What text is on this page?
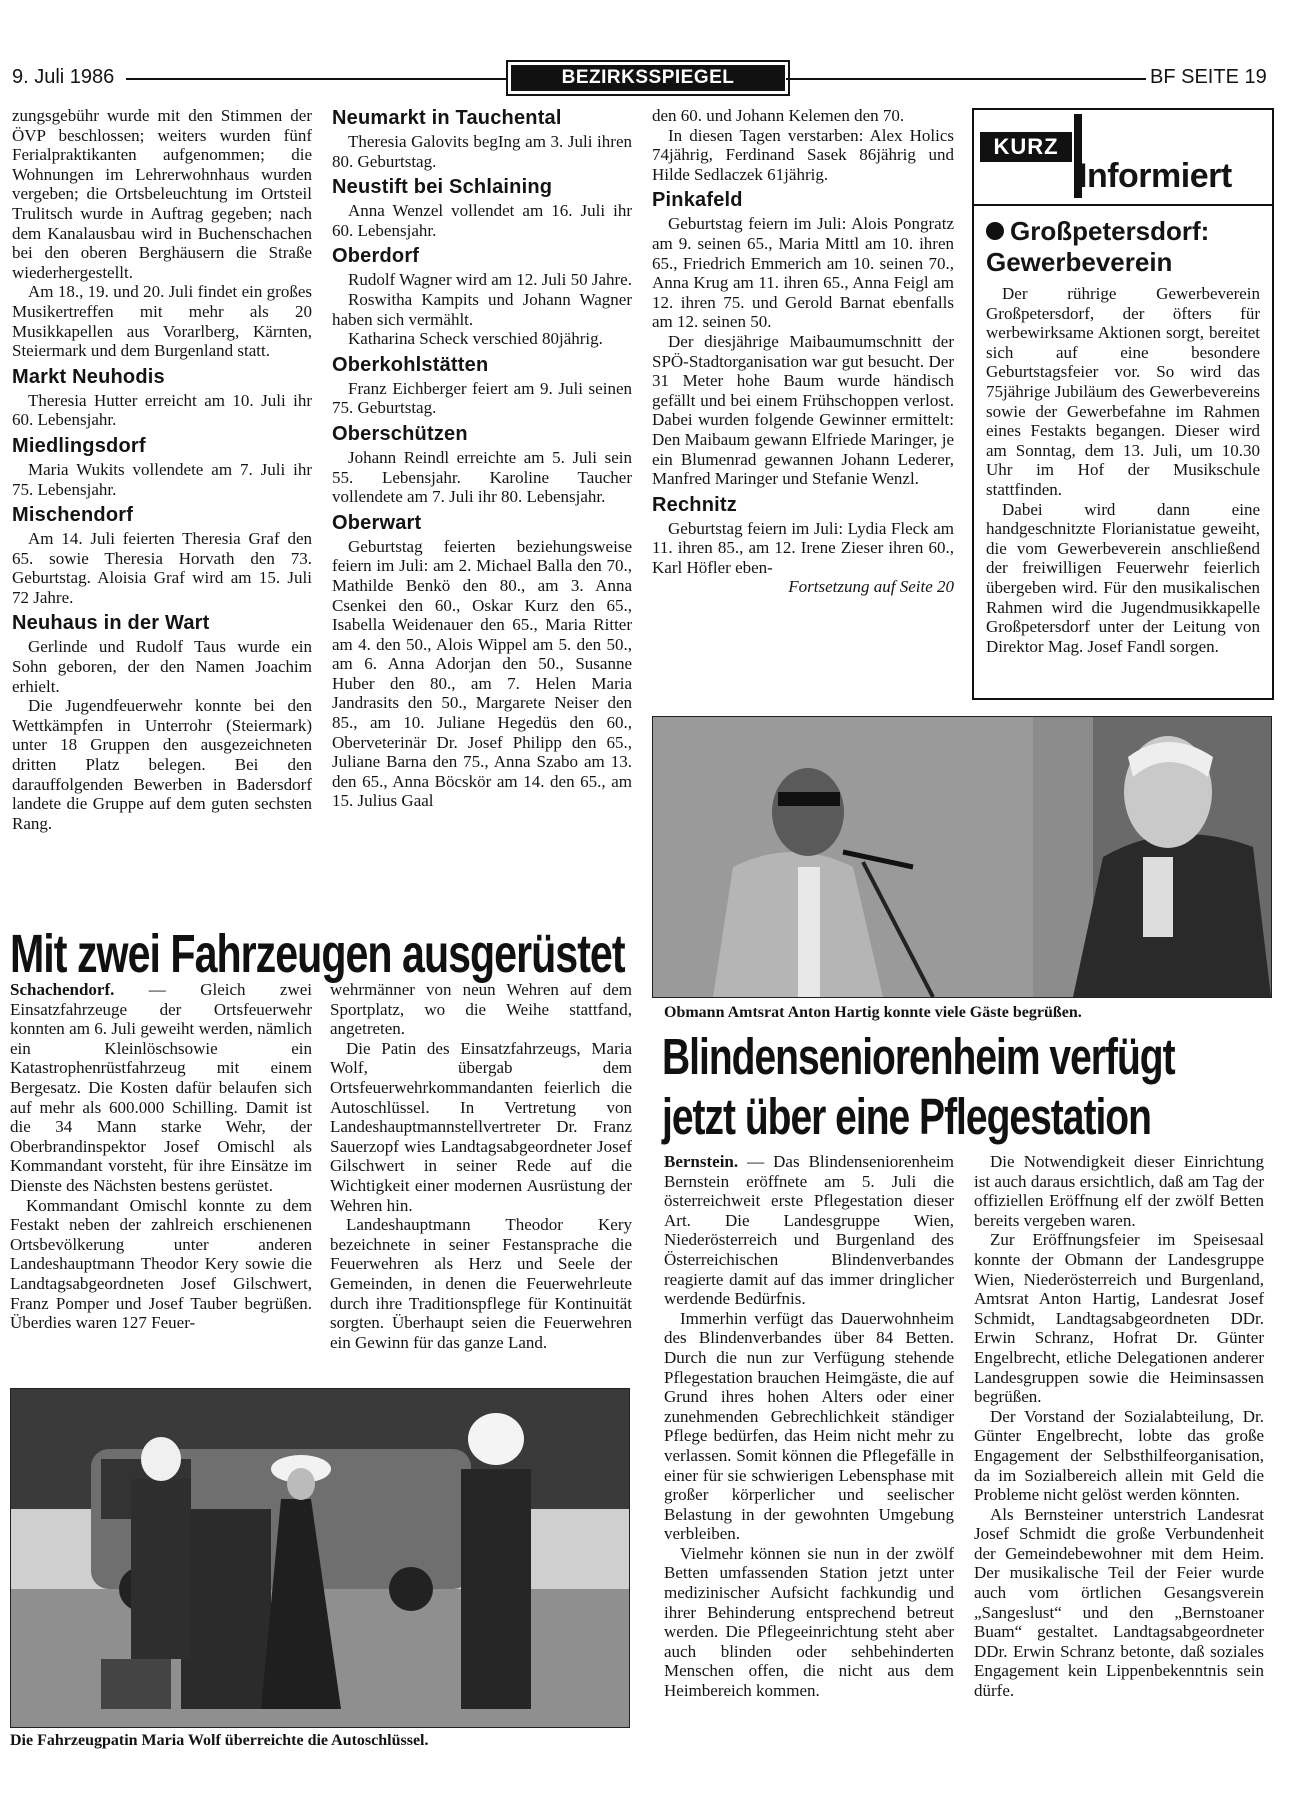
9. Juli 1986	BEZIRKSSPIEGEL	BF SEITE 19

zungsgebühr wurde mit den Stimmen der ÖVP beschlossen; weiters wurden fünf Ferialpraktikanten aufgenommen; die Wohnungen im Lehrerwohnhaus wurden vergeben; die Ortsbeleuchtung im Ortsteil Trulitsch wurde in Auftrag gegeben; nach dem Kanalausbau wird in Buchenschachen bei den oberen Berghäusern die Straße wiederhergestellt.

Am 18., 19. und 20. Juli findet ein großes Musikertreffen mit mehr als 20 Musikkapellen aus Vorarlberg, Kärnten, Steiermark und dem Burgenland statt.

Markt Neuhodis

Theresia Hutter erreicht am 10. Juli ihr 60. Lebensjahr.

Miedlingsdorf

Maria Wukits vollendete am 7. Juli ihr 75. Lebensjahr.

Mischendorf

Am 14. Juli feierten Theresia Graf den 65. sowie Theresia Horvath den 73. Geburtstag. Aloisia Graf wird am 15. Juli 72 Jahre.

Neuhaus in der Wart

Gerlinde und Rudolf Taus wurde ein Sohn geboren, der den Namen Joachim erhielt.

Die Jugendfeuerwehr konnte bei den Wettkämpfen in Unterrohr (Steiermark) unter 18 Gruppen den ausgezeichneten dritten Platz belegen. Bei den darauffolgenden Bewerben in Badersdorf landete die Gruppe auf dem guten sechsten Rang.

Neumarkt in Tauchental

Theresia Galovits begIng am 3. Juli ihren 80. Geburtstag.

Neustift bei Schlaining

Anna Wenzel vollendet am 16. Juli ihr 60. Lebensjahr.

Oberdorf

Rudolf Wagner wird am 12. Juli 50 Jahre.

Roswitha Kampits und Johann Wagner haben sich vermählt.

Katharina Scheck verschied 80jährig.

Oberkohlstätten

Franz Eichberger feiert am 9. Juli seinen 75. Geburtstag.

Oberschützen

Johann Reindl erreichte am 5. Juli sein 55. Lebensjahr. Karoline Taucher vollendete am 7. Juli ihr 80. Lebensjahr.

Oberwart

Geburtstag feierten beziehungsweise feiern im Juli: am 2. Michael Balla den 70., Mathilde Benkö den 80., am 3. Anna Csenkei den 60., Oskar Kurz den 65., Isabella Weidenauer den 65., Maria Ritter am 4. den 50., Alois Wippel am 5. den 50., am 6. Anna Adorjan den 50., Susanne Huber den 80., am 7. Helen Maria Jandrasits den 50., Margarete Neiser den 85., am 10. Juliane Hegedüs den 60., Oberveterinär Dr. Josef Philipp den 65., Juliane Barna den 75., Anna Szabo am 13. den 65., Anna Böcskör am 14. den 65., am 15. Julius Gaal

den 60. und Johann Kelemen den 70.

In diesen Tagen verstarben: Alex Holics 74jährig, Ferdinand Sasek 86jährig und Hilde Sedlaczek 61jährig.

Pinkafeld

Geburtstag feiern im Juli: Alois Pongratz am 9. seinen 65., Maria Mittl am 10. ihren 65., Friedrich Emmerich am 10. seinen 70., Anna Krug am 11. ihren 65., Anna Feigl am 12. ihren 75. und Gerold Barnat ebenfalls am 12. seinen 50.

Der diesjährige Maibaumumschnitt der SPÖ-Stadtorganisation war gut besucht. Der 31 Meter hohe Baum wurde händisch gefällt und bei einem Frühschoppen verlost. Dabei wurden folgende Gewinner ermittelt: Den Maibaum gewann Elfriede Maringer, je ein Blumenrad gewannen Johann Lederer, Manfred Maringer und Stefanie Wenzl.

Rechnitz

Geburtstag feiern im Juli: Lydia Fleck am 11. ihren 85., am 12. Irene Zieser ihren 60., Karl Höfler eben-

Fortsetzung auf Seite 20

KURZ
Informiert
Großpetersdorf:
Gewerbeverein

Der rührige Gewerbeverein Großpetersdorf, der öfters für werbewirksame Aktionen sorgt, bereitet sich auf eine besondere Geburtstagsfeier vor. So wird das 75jährige Jubiläum des Gewerbevereins sowie der Gewerbefahne im Rahmen eines Festakts begangen. Dieser wird am Sonntag, dem 13. Juli, um 10.30 Uhr im Hof der Musikschule stattfinden.

Dabei wird dann eine handgeschnitzte Florianistatue geweiht, die vom Gewerbeverein anschließend der freiwilligen Feuerwehr feierlich übergeben wird. Für den musikalischen Rahmen wird die Jugendmusikkapelle Großpetersdorf unter der Leitung von Direktor Mag. Josef Fandl sorgen.

Obmann Amtsrat Anton Hartig konnte viele Gäste begrüßen.
Mit zwei Fahrzeugen ausgerüstet

Schachendorf. — Gleich zwei Einsatzfahrzeuge der Ortsfeuerwehr konnten am 6. Juli geweiht werden, nämlich ein Kleinlöschsowie ein Katastrophenrüstfahrzeug mit einem Bergesatz. Die Kosten dafür belaufen sich auf mehr als 600.000 Schilling. Damit ist die 34 Mann starke Wehr, der Oberbrandinspektor Josef Omischl als Kommandant vorsteht, für ihre Einsätze im Dienste des Nächsten bestens gerüstet.

Kommandant Omischl konnte zu dem Festakt neben der zahlreich erschienenen Ortsbevölkerung unter anderen Landeshauptmann Theodor Kery sowie die Landtagsabgeordneten Josef Gilschwert, Franz Pomper und Josef Tauber begrüßen. Überdies waren 127 Feuer-

wehrmänner von neun Wehren auf dem Sportplatz, wo die Weihe stattfand, angetreten.

Die Patin des Einsatzfahrzeugs, Maria Wolf, übergab dem Ortsfeuerwehrkommandanten feierlich die Autoschlüssel. In Vertretung von Landeshauptmannstellvertreter Dr. Franz Sauerzopf wies Landtagsabgeordneter Josef Gilschwert in seiner Rede auf die Wichtigkeit einer modernen Ausrüstung der Wehren hin.

Landeshauptmann Theodor Kery bezeichnete in seiner Festansprache die Feuerwehren als Herz und Seele der Gemeinden, in denen die Feuerwehrleute durch ihre Traditionspflege für Kontinuität sorgten. Überhaupt seien die Feuerwehren ein Gewinn für das ganze Land.

Die Fahrzeugpatin Maria Wolf überreichte die Autoschlüssel.
Blindenseniorenheim verfügt
jetzt über eine Pflegestation

Bernstein. — Das Blindenseniorenheim Bernstein eröffnete am 5. Juli die österreichweit erste Pflegestation dieser Art. Die Landesgruppe Wien, Niederösterreich und Burgenland des Österreichischen Blindenverbandes reagierte damit auf das immer dringlicher werdende Bedürfnis.

Immerhin verfügt das Dauerwohnheim des Blindenverbandes über 84 Betten. Durch die nun zur Verfügung stehende Pflegestation brauchen Heimgäste, die auf Grund ihres hohen Alters oder einer zunehmenden Gebrechlichkeit ständiger Pflege bedürfen, das Heim nicht mehr zu verlassen. Somit können die Pflegefälle in einer für sie schwierigen Lebensphase mit großer körperlicher und seelischer Belastung in der gewohnten Umgebung verbleiben.

Vielmehr können sie nun in der zwölf Betten umfassenden Station jetzt unter medizinischer Aufsicht fachkundig und ihrer Behinderung entsprechend betreut werden. Die Pflegeeinrichtung steht aber auch blinden oder sehbehinderten Menschen offen, die nicht aus dem Heimbereich kommen.

Die Notwendigkeit dieser Einrichtung ist auch daraus ersichtlich, daß am Tag der offiziellen Eröffnung elf der zwölf Betten bereits vergeben waren.

Zur Eröffnungsfeier im Speisesaal konnte der Obmann der Landesgruppe Wien, Niederösterreich und Burgenland, Amtsrat Anton Hartig, Landesrat Josef Schmidt, Landtagsabgeordneten DDr. Erwin Schranz, Hofrat Dr. Günter Engelbrecht, etliche Delegationen anderer Landesgruppen sowie die Heiminsassen begrüßen.

Der Vorstand der Sozialabteilung, Dr. Günter Engelbrecht, lobte das große Engagement der Selbsthilfeorganisation, da im Sozialbereich allein mit Geld die Probleme nicht gelöst werden könnten.

Als Bernsteiner unterstrich Landesrat Josef Schmidt die große Verbundenheit der Gemeindebewohner mit dem Heim. Der musikalische Teil der Feier wurde auch vom örtlichen Gesangsverein „Sangeslust“ und den „Bernstoaner Buam“ gestaltet. Landtagsabgeordneter DDr. Erwin Schranz betonte, daß soziales Engagement kein Lippenbekenntnis sein dürfe.
